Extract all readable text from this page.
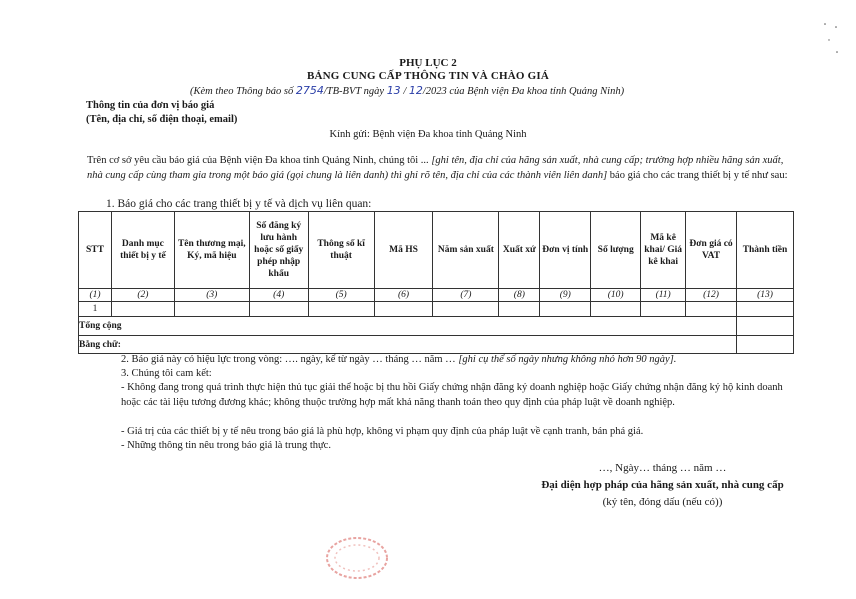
PHỤ LỤC 2
BẢNG CUNG CẤP THÔNG TIN VÀ CHÀO GIÁ
(Kèm theo Thông báo số 2754/TB-BVT ngày 13 / 12/2023 của Bệnh viện Đa khoa tỉnh Quảng Ninh)
Thông tin của đơn vị báo giá
(Tên, địa chỉ, số điện thoại, email)
Kính gửi: Bệnh viện Đa khoa tỉnh Quảng Ninh
Trên cơ sở yêu cầu báo giá của Bệnh viện Đa khoa tỉnh Quảng Ninh, chúng tôi ... [ghi tên, địa chỉ của hãng sản xuất, nhà cung cấp; trường hợp nhiều hãng sản xuất, nhà cung cấp cùng tham gia trong một báo giá (gọi chung là liên danh) thì ghi rõ tên, địa chỉ của các thành viên liên danh] báo giá cho các trang thiết bị y tế như sau:
1. Báo giá cho các trang thiết bị y tế và dịch vụ liên quan:
STT	Danh mục thiết bị y tế	Tên thương mại, Ký, mã hiệu	Số đăng ký lưu hành hoặc số giấy phép nhập khẩu	Thông số kĩ thuật	Mã HS	Năm sản xuất	Xuất xứ	Đơn vị tính	Số lượng	Mã kê khai/ Giá kê khai	Đơn giá có VAT	Thành tiền
(1)	(2)	(3)	(4)	(5)	(6)	(7)	(8)	(9)	(10)	(11)	(12)	(13)
1												
Tổng cộng												
Bằng chữ:												
2. Báo giá này có hiệu lực trong vòng: …. ngày, kể từ ngày … tháng … năm … [ghi cụ thể số ngày nhưng không nhỏ hơn 90 ngày].
3. Chúng tôi cam kết:
- Không đang trong quá trình thực hiện thủ tục giải thể hoặc bị thu hồi Giấy chứng nhận đăng ký doanh nghiệp hoặc Giấy chứng nhận đăng ký hộ kinh doanh hoặc các tài liệu tương đương khác; không thuộc trường hợp mất khả năng thanh toán theo quy định của pháp luật về doanh nghiệp.
- Giá trị của các thiết bị y tế nêu trong báo giá là phù hợp, không vi phạm quy định của pháp luật về cạnh tranh, bán phá giá.
- Những thông tin nêu trong báo giá là trung thực.
…, Ngày… tháng … năm …
Đại diện hợp pháp của hãng sản xuất, nhà cung cấp
(ký tên, đóng dấu (nếu có))
